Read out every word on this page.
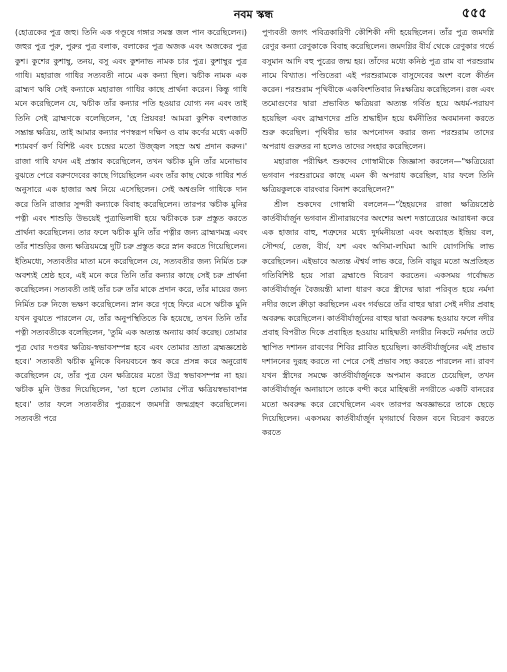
নবম স্কন্ধ	৫৫৫

(হোত্রকের পুত্র জহু। তিনি এক গণ্ডূষে গঙ্গার সমস্ত জল পান করেছিলেন।) জহুর পুত্র পুরু, পুরুর পুত্র বলাক, বলাকের পুত্র অজক এবং অজকের পুত্র কুশ। কুশের কুশাম্বু, তনয়, বসু এবং কুশনাভ নামক চার পুত্র। কুশাম্বুর পুত্র গাধি। মহারাজ গাধির সত্যবতী নামে এক কন্যা ছিল। ঋচীক নামক এক ব্রাহ্মণ ঋষি সেই কন্যাকে মহারাজ গাধির কাছে প্রার্থনা করেন। কিন্তু গাধি মনে করেছিলেন যে, ঋচীক তাঁর কন্যার পতি হওয়ার যোগ্য নন এবং তাই তিনি সেই ব্রাহ্মণকে বলেছিলেন, 'হে প্রিয়বর! আমরা কুশিক বংশজাত সম্ভ্রান্ত ক্ষত্রিয়, তাই আমার কন্যার পণস্বরূপ দক্ষিণ ও বাম কর্ণের মধ্যে একটি শ্যামবর্ণ কর্ণ বিশিষ্ট এবং চন্দ্রের মতো উজ্জ্বল সহস্র অশ্ব প্রদান করুন।' রাজা গাধি যখন এই প্রস্তাব করেছিলেন, তখন ঋচীক মুনি তাঁর মনোভাব বুঝতে পেরে বরুণদেবের কাছে গিয়েছিলেন এবং তাঁর কাছ থেকে গাধির শর্ত অনুসারে এক হাজার অশ্ব নিয়ে এসেছিলেন। সেই অশ্বগুলি গাধিকে দান করে তিনি রাজার সুন্দরী কন্যাকে বিবাহ করেছিলেন। তারপর ঋচীক মুনির পত্নী এবং শাশুড়ি উভয়েই পুত্রাভিলাষী হয়ে ঋচীককে চরু প্রস্তুত করতে প্রার্থনা করেছিলেন। তার ফলে ঋচীক মুনি তাঁর পত্নীর জন্য ব্রাহ্মণমন্ত্র এবং তাঁর শাশুড়ির জন্য ক্ষত্রিয়মন্ত্রে দুটি চরু প্রস্তুত করে স্নান করতে গিয়েছিলেন। ইতিমধ্যে, সত্যবতীর মাতা মনে করেছিলেন যে, সত্যবতীর জন্য নির্মিত চরু অবশ্যই শ্রেষ্ঠ হবে, এই মনে করে তিনি তাঁর কন্যার কাছে সেই চরু প্রার্থনা করেছিলেন। সত্যবতী তাই তাঁর চরু তাঁর মাকে প্রদান করে, তাঁর মায়ের জন্য নির্মিত চরু নিজে ভক্ষণ করেছিলেন। স্নান করে গৃহে ফিরে এসে ঋচীক মুনি যখন বুঝতে পারলেন যে, তাঁর অনুপস্থিতিতে কি হয়েছে, তখন তিনি তাঁর পত্নী সত্যবতীকে বলেছিলেন, 'তুমি এক অত্যন্ত অন্যায় কার্য করেছ। তোমার পুত্র ঘোর দণ্ডধর ক্ষত্রিয়-স্বভাবসম্পন্ন হবে এবং তোমার ভ্রাতা ব্রহ্মজ্ঞশ্রেষ্ঠ হবে।' সত্যবতী ঋচীক মুনিকে বিনয়বচনে স্তব করে প্রসন্ন করে অনুরোধ করেছিলেন যে, তাঁর পুত্র যেন ক্ষত্রিয়ের মতো উগ্র স্বভাবসম্পন্ন না হয়। ঋচীক মুনি উত্তর দিয়েছিলেন, 'তা হলে তোমার পৌত্র ক্ষত্রিয়স্বভাবাপন্ন হবে।' তার ফলে সত্যবতীর পুত্ররূপে জমদগ্নি জন্মগ্রহণ করেছিলেন। সত্যবতী পরে

পুণ্যবতী জগৎ পবিত্রকারিণী কৌশিকী নদী হয়েছিলেন। তাঁর পুত্র জমদগ্নি রেণুর কন্যা রেণুকাকে বিবাহ করেছিলেন। জমদগ্নির বীর্য থেকে রেণুকার গর্ভে বসুমান আদি বহু পুত্রের জন্ম হয়। তাঁদের মধ্যে কনিষ্ঠ পুত্র রাম বা পরশুরাম নামে বিখ্যাত। পণ্ডিতেরা এই পরশুরামকে বাসুদেবের অংশ বলে কীর্তন করেন। পরশুরাম পৃথিবীকে একবিংশতিবার নিঃক্ষত্রিয় করেছিলেন। রজ এবং তমোগুণের দ্বারা প্রভাবিত ক্ষত্রিয়রা অত্যন্ত গর্বিত হয়ে অধর্ম-পরায়ণ হয়েছিল এবং ব্রাহ্মণদের প্রতি শ্রদ্ধাহীন হয়ে ধর্মনীতির অবমাননা করতে শুরু করেছিল। পৃথিবীর ভার অপনোদন করার জন্য পরশুরাম তাদের অপরাধ গুরুতর না হলেও তাদের সংহার করেছিলেন।

মহারাজ পরীক্ষিৎ শুকদেব গোস্বামীকে জিজ্ঞাসা করলেন—"ক্ষত্রিয়েরা ভগবান পরশুরামের কাছে এমন কী অপরাধ করেছিল, যার ফলে তিনি ক্ষত্রিয়কুলকে বারংবার বিনাশ করেছিলেন?"

শ্রীল শুকদেব গোস্বামী বললেন—"হৈহয়দের রাজা ক্ষত্রিয়শ্রেষ্ঠ কার্তবীর্যার্জুন ভগবান শ্রীনারায়ণের অংশের অংশ দত্তাত্রেয়ের আরাধনা করে এক হাজার বাহু, শত্রুদের মধ্যে দুর্দমনীয়তা এবং অব্যাহত ইন্দ্রিয় বল, সৌন্দর্য, তেজ, বীর্য, যশ এবং অণিমা-লঘিমা আদি যোগসিদ্ধি লাভ করেছিলেন। এইভাবে অত্যন্ত ঐশ্বর্য লাভ করে, তিনি বায়ুর মতো অপ্রতিহত গতিবিশিষ্ট হয়ে সারা ব্রহ্মাণ্ডে বিচরণ করতেন। একসময় গর্বোদ্ধত কার্তবীর্যার্জুন বৈজয়ন্তী মালা ধারণ করে স্ত্রীদের দ্বারা পরিবৃত হয়ে নর্মদা নদীর জলে ক্রীড়া করছিলেন এবং গর্বভরে তাঁর বাহুর দ্বারা সেই নদীর প্রবাহ অবরুদ্ধ করেছিলেন। কার্তবীর্যার্জুনের বাহুর দ্বারা অবরুদ্ধ হওয়ায় ফলে নদীর প্রবাহ বিপরীত দিকে প্রবাহিত হওয়ায় মাহিষ্মতী নগরীর নিকটে নর্মদার তটে স্থাপিত দশানন রাবণের শিবির প্লাবিত হয়েছিল। কার্তবীর্যার্জুনের এই প্রভাব দশাননের দুরূহ করতে না পেরে সেই প্রভাব সহ্য করতে পারলেন না। রাবণ যখন স্ত্রীদের সমক্ষে কার্তবীর্যার্জুনকে অপমান করতে চেয়েছিল, তখন কার্তবীর্যার্জুন অনায়াসে তাকে বন্দী করে মাহিষ্মতী নগরীতে একটি বানরের মতো অবরুদ্ধ করে রেখেছিলেন এবং তারপর অবজ্ঞাভরে তাকে ছেড়ে দিয়েছিলেন। একসময় কার্তবীর্যার্জুন মৃগয়ার্থে বিজন বনে বিচরণ করতে করতে
